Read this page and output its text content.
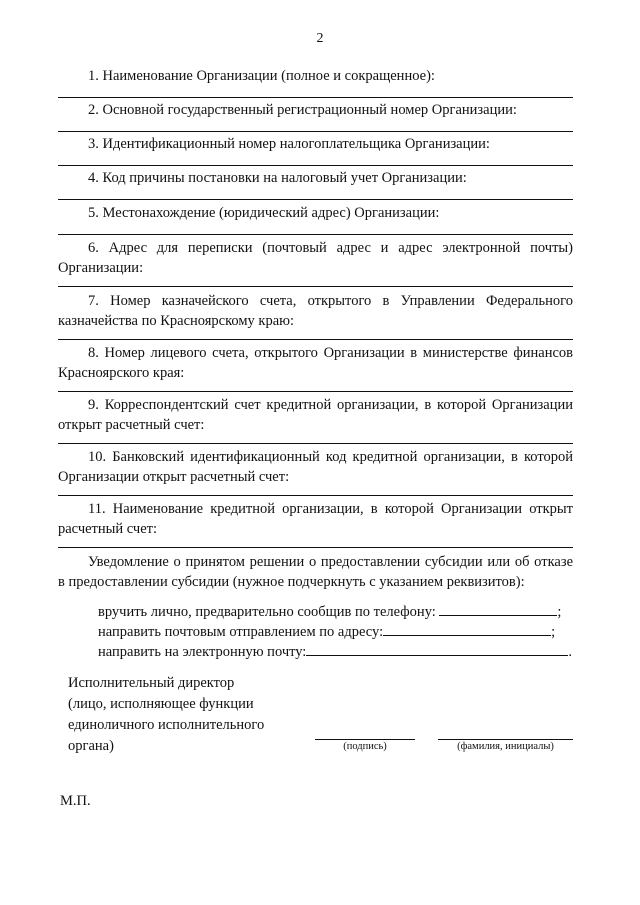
2
1. Наименование Организации (полное и сокращенное):
2. Основной государственный регистрационный номер Организации:
3. Идентификационный номер налогоплательщика Организации:
4. Код причины постановки на налоговый учет Организации:
5. Местонахождение (юридический адрес) Организации:
6. Адрес для переписки (почтовый адрес и адрес электронной почты) Организации:
7. Номер казначейского счета, открытого в Управлении Федерального казначейства по Красноярскому краю:
8. Номер лицевого счета, открытого Организации в министерстве финансов Красноярского края:
9. Корреспондентский счет кредитной организации, в которой Организации открыт расчетный счет:
10. Банковский идентификационный код кредитной организации, в которой Организации открыт расчетный счет:
11. Наименование кредитной организации, в которой Организации открыт расчетный счет:
Уведомление о принятом решении о предоставлении субсидии или об отказе в предоставлении субсидии (нужное подчеркнуть с указанием реквизитов):
вручить лично, предварительно сообщив по телефону:	;
направить почтовым отправлением по адресу:	;
направить на электронную почту:	.
Исполнительный директор
(лицо, исполняющее функции
единоличного исполнительного
органа)	(подпись)	(фамилия, инициалы)
М.П.
